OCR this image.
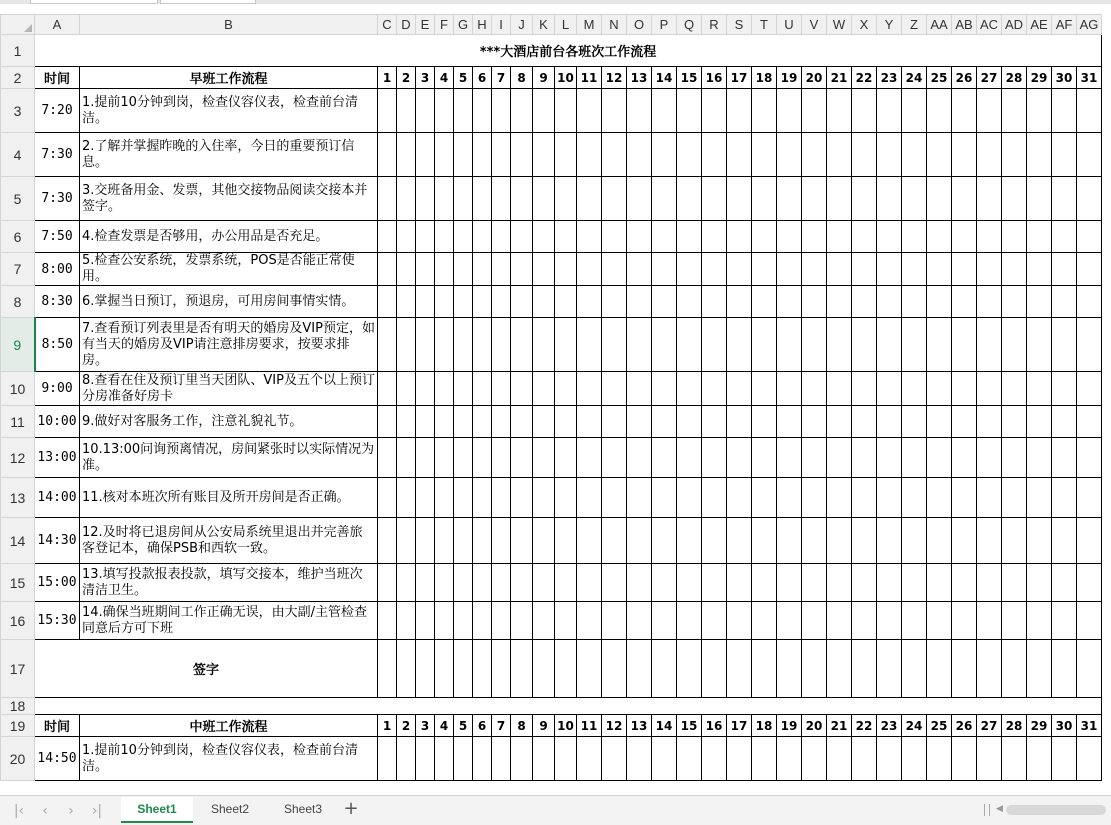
	A	B	C	D	E	F	G	H	I	J	K	L	M	N	O	P	Q	R	S	T	U	V	W	X	Y	Z	AA	AB	AC	AD	AE	AF	AG
1	***大酒店前台各班次工作流程																																
2	时间	早班工作流程	1	2	3	4	5	6	7	8	9	10	11	12	13	14	15	16	17	18	19	20	21	22	23	24	25	26	27	28	29	30	31
3	7:20	1.提前10分钟到岗，检查仪容仪表，检查前台清洁。																															
4	7:30	2.了解并掌握昨晚的入住率，今日的重要预订信息。																															
5	7:30	3.交班备用金、发票，其他交接物品阅读交接本并签字。																															
6	7:50	4.检查发票是否够用，办公用品是否充足。																															
7	8:00	5.检查公安系统，发票系统，POS是否能正常使用。																															
8	8:30	6.掌握当日预订，预退房，可用房间事情实情。																															
9	8:50	7.查看预订列表里是否有明天的婚房及VIP预定，如有当天的婚房及VIP请注意排房要求，按要求排房。																															
10	9:00	8.查看在住及预订里当天团队、VIP及五个以上预订分房准备好房卡																															
11	10:00	9.做好对客服务工作，注意礼貌礼节。																															
12	13:00	10.13:00问询预离情况，房间紧张时以实际情况为准。																															
13	14:00	11.核对本班次所有账目及所开房间是否正确。																															
14	14:30	12.及时将已退房间从公安局系统里退出并完善旅客登记本，确保PSB和西软一致。																															
15	15:00	13.填写投款报表投款，填写交接本，维护当班次清洁卫生。																															
16	15:30	14.确保当班期间工作正确无误，由大副/主管检查同意后方可下班																															
17	签字																																
18																																	
19	时间	中班工作流程	1	2	3	4	5	6	7	8	9	10	11	12	13	14	15	16	17	18	19	20	21	22	23	24	25	26	27	28	29	30	31
20	14:50	1.提前10分钟到岗，检查仪容仪表，检查前台清洁。																															
|‹	‹	›	›|	Sheet1	Sheet2	Sheet3	+	◀
